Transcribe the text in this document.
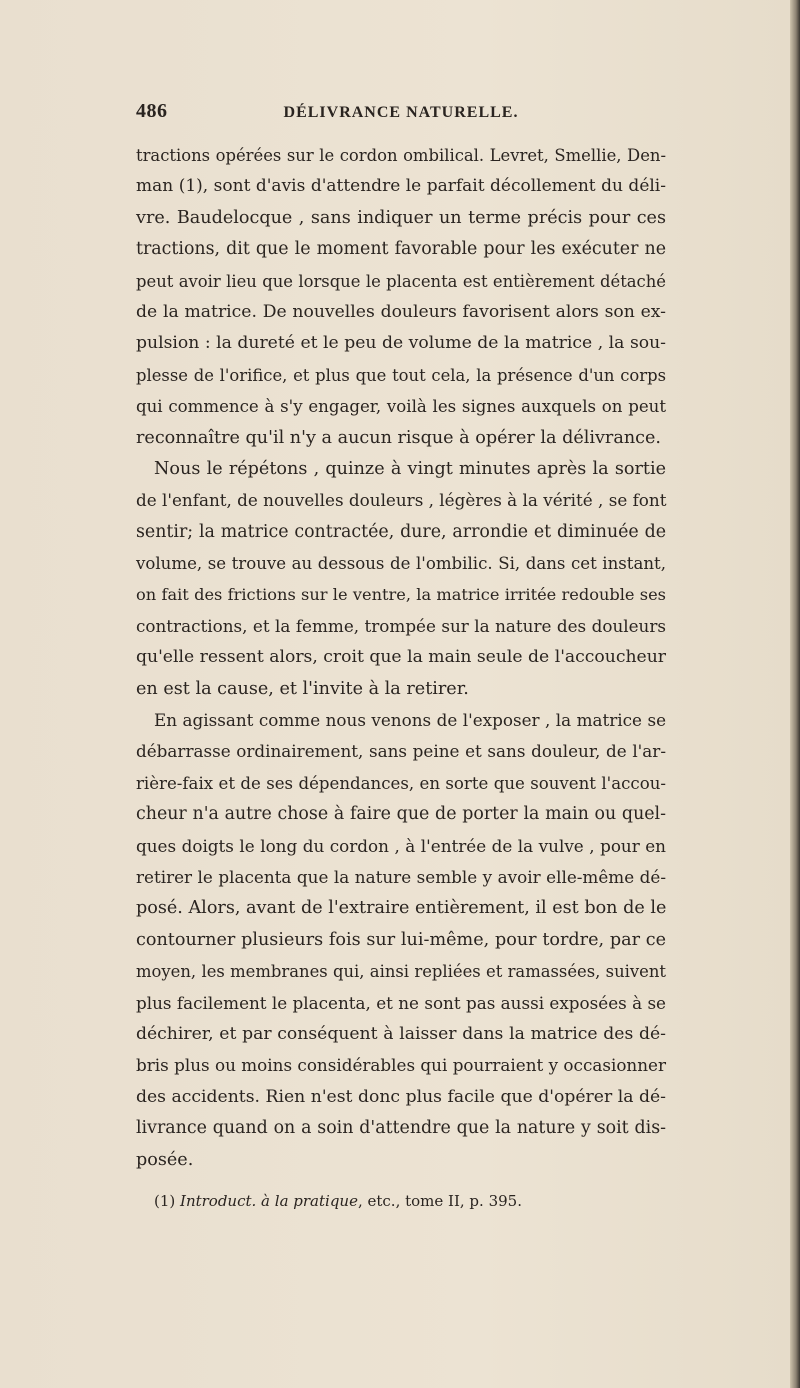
486	DÉLIVRANCE NATURELLE.
tractions opérées sur le cordon ombilical. Levret, Smellie, Den-
man (1), sont d'avis d'attendre le parfait décollement du déli-
vre. Baudelocque , sans indiquer un terme précis pour ces
tractions, dit que le moment favorable pour les exécuter ne
peut avoir lieu que lorsque le placenta est entièrement détaché
de la matrice. De nouvelles douleurs favorisent alors son ex-
pulsion : la dureté et le peu de volume de la matrice , la sou-
plesse de l'orifice, et plus que tout cela, la présence d'un corps
qui commence à s'y engager, voilà les signes auxquels on peut
reconnaître qu'il n'y a aucun risque à opérer la délivrance.
Nous le répétons , quinze à vingt minutes après la sortie
de l'enfant, de nouvelles douleurs , légères à la vérité , se font
sentir; la matrice contractée, dure, arrondie et diminuée de
volume, se trouve au dessous de l'ombilic. Si, dans cet instant,
on fait des frictions sur le ventre, la matrice irritée redouble ses
contractions, et la femme, trompée sur la nature des douleurs
qu'elle ressent alors, croit que la main seule de l'accoucheur
en est la cause, et l'invite à la retirer.
En agissant comme nous venons de l'exposer , la matrice se
débarrasse ordinairement, sans peine et sans douleur, de l'ar-
rière-faix et de ses dépendances, en sorte que souvent l'accou-
cheur n'a autre chose à faire que de porter la main ou quel-
ques doigts le long du cordon , à l'entrée de la vulve , pour en
retirer le placenta que la nature semble y avoir elle-même dé-
posé. Alors, avant de l'extraire entièrement, il est bon de le
contourner plusieurs fois sur lui-même, pour tordre, par ce
moyen, les membranes qui, ainsi repliées et ramassées, suivent
plus facilement le placenta, et ne sont pas aussi exposées à se
déchirer, et par conséquent à laisser dans la matrice des dé-
bris plus ou moins considérables qui pourraient y occasionner
des accidents. Rien n'est donc plus facile que d'opérer la dé-
livrance quand on a soin d'attendre que la nature y soit dis-
posée.
(1) Introduct. à la pratique, etc., tome II, p. 395.
